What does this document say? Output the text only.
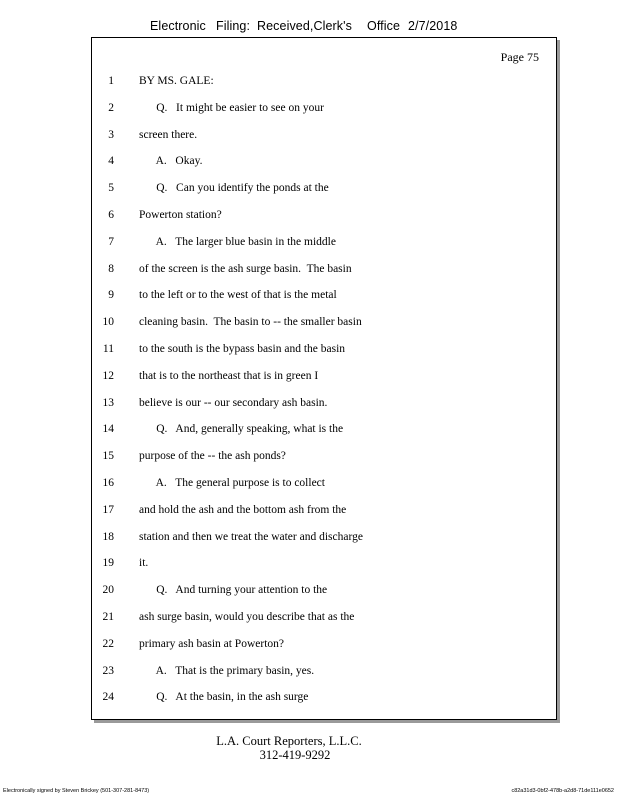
Electronic Filing: Received,Clerk's Office 2/7/2018
Page 75
1 BY MS. GALE:
2 Q.   It might be easier to see on your
3 screen there.
4 A.   Okay.
5 Q.   Can you identify the ponds at the
6 Powerton station?
7 A.   The larger blue basin in the middle
8 of the screen is the ash surge basin.  The basin
9 to the left or to the west of that is the metal
10 cleaning basin.  The basin to -- the smaller basin
11 to the south is the bypass basin and the basin
12 that is to the northeast that is in green I
13 believe is our -- our secondary ash basin.
14 Q.   And, generally speaking, what is the
15 purpose of the -- the ash ponds?
16 A.   The general purpose is to collect
17 and hold the ash and the bottom ash from the
18 station and then we treat the water and discharge
19 it.
20 Q.   And turning your attention to the
21 ash surge basin, would you describe that as the
22 primary ash basin at Powerton?
23 A.   That is the primary basin, yes.
24 Q.   At the basin, in the ash surge
L.A. Court Reporters, L.L.C.
312-419-9292
Electronically signed by Steven Brickey (501-307-281-8473)	c82a31d3-0bf2-478b-a2d8-71de111e0652
